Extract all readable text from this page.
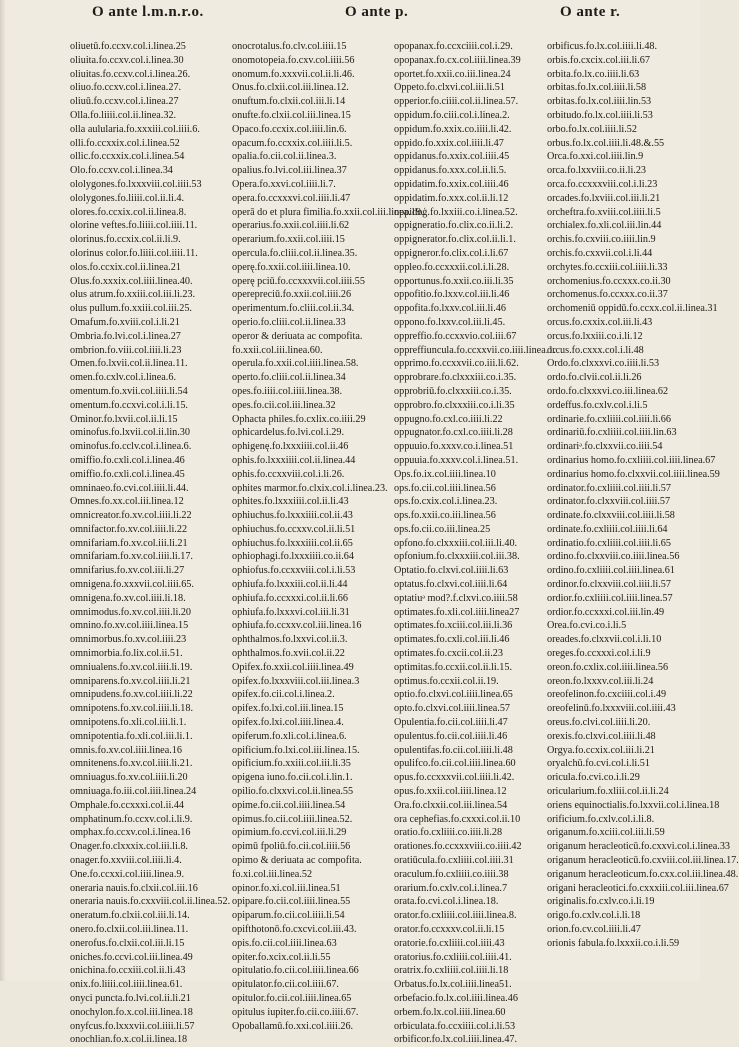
O ante l.m.n.r.o.	O ante p.	O ante r.
oliuetū.fo.ccxv.col.i.linea.25
oliuita.fo.ccxv.col.i.linea.30
oliuitas.fo.ccxv.col.i.linea.26.
oliuo.fo.ccxv.col.i.linea.27.
oliuū.fo.ccxv.col.i.linea.27
Olla.fo.liiii.col.ii.linea.32.
olla aulularia.fo.xxxiii.col.iiii.6.
olli.fo.ccxxix.col.i.linea.52
ollic.fo.ccxxix.col.i.linea.54
Olo.fo.ccxv.col.i.linea.34
ololygones.fo.lxxxviii.col.iiii.53
ololygones.fo.liiii.col.ii.li.4.
olores.fo.ccxix.col.ii.linea.8.
olorine veftes.fo.liiii.col.iiii.11.
olorinus.fo.ccxix.col.ii.li.9.
olorinus color.fo.liiii.col.iiii.11.
olos.fo.ccxix.col.ii.linea.21
Olus.fo.xxxix.col.iiii.linea.40.
olus atrum.fo.xxiii.col.iii.li.23.
olus pullum.fo.xxiii.col.iii.25.
Omafum.fo.xviii.col.i.li.21
Ombria.fo.lvi.col.i.linea.27
ombrion.fo.viii.col.iiii.li.23
Omen.fo.lxvii.col.ii.linea.11.
omen.fo.cxlv.col.i.linea.6.
omentum.fo.xvii.col.iiii.li.54
omentum.fo.ccxvi.col.i.li.15.
Ominor.fo.lxvii.col.ii.li.15
ominofus.fo.lxvii.col.ii.lin.30
ominofus.fo.cclv.col.i.linea.6.
omiffio.fo.cxli.col.i.linea.46
omiffio.fo.cxli.col.i.linea.45
omninaeo.fo.cvi.col.iiii.li.44.
Omnes.fo.xx.col.iii.linea.12
omnicreator.fo.xv.col.iiii.li.22
omnifactor.fo.xv.col.iiii.li.22
omnifariam.fo.xv.col.iii.li.21
omnifariam.fo.xv.col.iiii.li.17.
omnifarius.fo.xv.col.iii.li.27
omnigena.fo.xxxvii.col.iiii.65.
omnigena.fo.xv.col.iiii.li.18.
omnimodus.fo.xv.col.iiii.li.20
omnino.fo.xv.col.iiii.linea.15
omnimorbus.fo.xv.col.iiii.23
omnimorbia.fo.lix.col.ii.51.
omniualens.fo.xv.col.iiii.li.19.
omniparens.fo.xv.col.iiii.li.21
omnipudens.fo.xv.col.iiii.li.22
omnipotens.fo.xv.col.iiii.li.18.
omnipotens.fo.xli.col.iii.li.1.
omnipotentia.fo.xli.col.iii.li.1.
omnis.fo.xv.col.iiii.linea.16
omnitenens.fo.xv.col.iiii.li.21.
omniuagus.fo.xv.col.iiii.li.20
omniuaga.fo.iii.col.iiii.linea.24
Omphale.fo.ccxxxi.col.ii.44
omphatinum.fo.ccxv.col.i.li.9.
omphax.fo.ccxv.col.i.linea.16
Onager.fo.clxxxix.col.iii.li.8.
onager.fo.xxviii.col.iiii.li.4.
One.fo.ccxxi.col.iiii.linea.9.
oneraria nauis.fo.clxii.col.iii.16
oneraria nauis.fo.cxxviii.col.ii.linea.52.
oneratum.fo.clxii.col.iii.li.14.
onero.fo.clxii.col.iii.linea.11.
onerofus.fo.clxii.col.iii.li.15
oniches.fo.ccvi.col.iii.linea.49
onichina.fo.ccxiii.col.ii.li.43
onix.fo.liiii.col.iiii.linea.61.
onyci puncta.fo.lvi.col.ii.li.21
onochylon.fo.x.col.iii.linea.18
onyfcus.fo.lxxxvii.col.iiii.li.57
onochlian.fo.x.col.ii.linea.18
onocrotalus.fo.clv.col.iiii.15
onomotopeia.fo.cxv.col.iiii.56
onomum.fo.xxxvii.col.ii.li.46.
Onus.fo.clxii.col.iii.linea.12.
onuftum.fo.clxii.col.iii.li.14
onufte.fo.clxii.col.iii.linea.15
Opaco.fo.ccxix.col.iiii.lin.6.
opacum.fo.ccxxix.col.iiii.li.5.
opalia.fo.cii.col.ii.linea.3.
opalius.fo.lvi.col.iii.linea.37
Opera.fo.xxvi.col.iiii.li.7.
opera.fo.ccxxxvi.col.iiii.li.47
operā do et plura fimilia.fo.xxii.col.iii.linea.19.
operarius.fo.xxii.col.iiii.li.62
operarium.fo.xxii.col.iiii.15
opercula.fo.cliii.col.ii.linea.35.
operę.fo.xxii.col.iiii.linea.10.
operę pciū.fo.ccxxxvii.col.iiii.55
operepreciū.fo.xxii.col.iiii.26
operimentum.fo.cliii.col.ii.34.
operio.fo.cliii.col.ii.linea.33
operor & deriuata ac compofita.
fo.xxii.col.iii.linea.60.
operula.fo.xxii.col.iiii.linea.58.
operto.fo.cliii.col.ii.linea.34
opes.fo.iiii.col.iiii.linea.38.
opes.fo.cii.col.iii.linea.32
Ophacta philes.fo.cxlix.co.iiii.29
ophicardelus.fo.lvi.col.i.29.
ophigenę.fo.lxxxiiii.col.ii.46
ophis.fo.lxxxiiii.col.ii.linea.44
ophis.fo.ccxxviii.col.i.li.26.
ophites marmor.fo.clxix.col.i.linea.23.
ophites.fo.lxxxiiii.col.ii.li.43
ophiuchus.fo.lxxxiiii.col.ii.43
ophiuchus.fo.ccxxv.col.ii.li.51
ophiuchus.fo.lxxxiiii.col.ii.65
ophiophagi.fo.lxxxiiii.co.ii.64
ophiofus.fo.ccxxviii.col.i.li.53
ophiufa.fo.lxxxiii.col.ii.li.44
ophiufa.fo.ccxxxi.col.ii.li.66
ophiufa.fo.lxxxvi.col.iii.li.31
ophiufa.fo.ccxxv.col.iii.linea.16
ophthalmos.fo.lxxvi.col.ii.3.
ophthalmos.fo.xvii.col.ii.22
Opifex.fo.xxii.col.iiii.linea.49
opifex.fo.lxxxviii.col.iii.linea.3
opifex.fo.cii.col.i.linea.2.
opifex.fo.lxi.col.iii.linea.15
opifex.fo.lxi.col.iiii.linea.4.
opiferum.fo.xli.col.i.linea.6.
opificium.fo.lxi.col.iii.linea.15.
opificium.fo.xxiii.col.iii.li.35
opigena iuno.fo.cii.col.i.lin.1.
opilio.fo.clxxvi.col.ii.linea.55
opime.fo.cii.col.iiii.linea.54
opimus.fo.cii.col.iiii.linea.52.
opimium.fo.ccvi.col.iii.li.29
opimū fpoliū.fo.cii.col.iiii.56
opimo & deriuata ac compofita.
fo.xi.col.iii.linea.52
opinor.fo.xi.col.iii.linea.51
opipare.fo.cii.col.iiii.linea.55
opiparum.fo.cii.col.iiii.li.54
opifthotonō.fo.cxcvi.col.iii.43.
opis.fo.cii.col.iiii.linea.63
opiter.fo.xcix.col.ii.li.55
opitulatio.fo.cii.col.iiii.linea.66
opitulator.fo.cii.col.iiii.67.
opitulor.fo.cii.col.iiii.linea.65
opitulus iupiter.fo.cii.co.iiii.67.
Opoballamū.fo.xxi.col.iiii.26.
opopanax.fo.ccxciiii.col.i.29.
opopanax.fo.cx.col.iiii.linea.39
oportet.fo.xxii.co.iii.linea.24
Oppeto.fo.clxvi.col.iii.li.51
opperior.fo.ciiii.col.ii.linea.57.
oppidum.fo.ciii.col.i.linea.2.
oppidum.fo.xxix.co.iiii.li.42.
oppido.fo.xxix.col.iiii.li.47
oppidanus.fo.xxix.col.iiii.45
oppidanus.fo.xxx.col.ii.li.5.
oppidatim.fo.xxix.col.iiii.46
oppidatim.fo.xxx.col.ii.li.12
oppidoģ.fo.lxxiii.co.i.linea.52.
oppigneratio.fo.clix.co.ii.li.2.
oppignerator.fo.clix.col.ii.li.1.
oppigneror.fo.clix.col.i.li.67
oppleo.fo.ccxxxii.col.i.li.28.
opportunus.fo.xxii.co.iii.li.35
oppofitio.fo.lxxv.col.iii.li.46
oppofita.fo.lxxv.col.iii.li.46
oppono.fo.lxxv.col.iii.li.45.
oppreffio.fo.ccxxvio.col.iii.67
oppreffiuncula.fo.ccxxvii.co.iiii.linea.1.
opprimo.fo.ccxxvii.co.iii.li.62.
opprobrare.fo.clxxxiii.co.i.35.
opprobriū.fo.clxxxiii.co.i.35.
opprobro.fo.clxxxiii.co.i.li.35
oppugno.fo.cxl.co.iiii.li.22
oppugnator.fo.cxl.co.iiii.li.28
oppuuio.fo.xxxv.co.i.linea.51
oppuuia.fo.xxxv.col.i.linea.51.
Ops.fo.ix.col.iiii.linea.10
ops.fo.cii.col.iiii.linea.56
ops.fo.cxix.col.i.linea.23.
ops.fo.xxii.co.iii.linea.56
ops.fo.cii.co.iii.linea.25
opfono.fo.clxxxiii.col.iii.li.40.
opfonium.fo.clxxxiii.col.iii.38.
Optatio.fo.clxvi.col.iiii.li.63
optatus.fo.clxvi.col.iiii.li.64
optatiuᵊ mod?.f.clxvi.co.iiii.58
optimates.fo.xli.col.iiii.linea27
optimates.fo.xciii.col.iii.li.36
optimates.fo.cxli.col.iii.li.46
optimates.fo.cxcii.col.ii.23
optimitas.fo.ccxii.col.ii.li.15.
optimus.fo.ccxii.col.ii.19.
optio.fo.clxvi.col.iiii.linea.65
opto.fo.clxvi.col.iiii.linea.57
Opulentia.fo.cii.col.iiii.li.47
opulentus.fo.cii.col.iiii.li.46
opulentifas.fo.cii.col.iiii.li.48
opulifco.fo.cii.col.iiii.linea.60
opus.fo.ccxxxvii.col.iiii.li.42.
opus.fo.xxii.col.iiii.linea.12
Ora.fo.clxxii.col.iii.linea.54
ora cephefias.fo.cxxxi.col.ii.10
oratio.fo.cxliiii.co.iiii.li.28
orationes.fo.ccxxxviii.co.iiii.42
oratiūcula.fo.cxliiii.col.iiii.31
oraculum.fo.cxliiii.co.iiii.38
orarium.fo.cxlv.col.i.linea.7
orata.fo.cvi.col.i.linea.18.
orator.fo.cxliiii.col.iiii.linea.8.
orator.fo.ccxxxv.col.ii.li.15
oratorie.fo.cxliiii.col.iiii.43
oratorius.fo.cxliiii.col.iiii.41.
oratrix.fo.cxliiii.col.iiii.li.18
Orbatus.fo.lx.col.iiii.linea51.
orbefacio.fo.lx.col.iiii.linea.46
orbem.fo.lx.col.iiii.linea.60
orbiculata.fo.ccxiiii.col.i.li.53
orbificor.fo.lx.col.iiii.linea.47.
orbificus.fo.lx.col.iiii.li.48.
orbis.fo.cxcix.col.iii.li.67
orbita.fo.lx.co.iiii.li.63
orbitas.fo.lx.col.iiii.li.58
orbitas.fo.lx.col.iiii.lin.53
orbitudo.fo.lx.col.iiii.li.53
orbo.fo.lx.col.iiii.li.52
orbus.fo.lx.col.iiii.li.48.&.55
Orca.fo.xxi.col.iiii.lin.9
orca.fo.lxxviii.co.ii.li.23
orca.fo.ccxxxviii.col.i.li.23
orcades.fo.lxviii.col.iii.li.21
orcheftra.fo.xviii.col.iiii.li.5
orchialex.fo.xli.col.iii.lin.44
orchis.fo.cxviii.co.iiii.lin.9
orchis.fo.cxxvii.col.i.li.44
orchytes.fo.ccxiii.col.iiii.li.33
orchomenius.fo.ccxxx.co.ii.30
orchomenus.fo.ccxxx.co.ii.37
orchomeniū oppidū.fo.ccxx.col.ii.linea.31
orcus.fo.cxxix.col.iii.li.43
orcus.fo.lxxiii.co.i.li.12
orcus.fo.cxxx.col.i.li.48
Ordo.fo.clxxxvi.co.iiii.li.53
ordo.fo.clvii.col.ii.li.26
ordo.fo.clxxxvi.co.iii.linea.62
ordeffus.fo.cxlv.col.i.li.5
ordinarie.fo.cxliiii.col.iiii.li.66
ordinariū.fo.cxliiii.col.iiii.lin.63
ordinariᵊ.fo.clxxvii.co.iiii.54
ordinarius homo.fo.cxliiii.col.iiii.linea.67
ordinarius homo.fo.clxxvii.col.iiii.linea.59
ordinator.fo.cxliiii.col.iiii.li.57
ordinator.fo.clxxviii.col.iiii.57
ordinate.fo.clxxviii.col.iiii.li.58
ordinate.fo.cxliiii.col.iiii.li.64
ordinatio.fo.cxliiii.col.iiii.li.65
ordino.fo.clxxviii.co.iiii.linea.56
ordino.fo.cxliiii.col.iiii.linea.61
ordinor.fo.clxxviii.col.iiii.li.57
ordior.fo.cxliiii.col.iiii.linea.57
ordior.fo.ccxxxi.col.iii.lin.49
Orea.fo.cvi.co.i.li.5
oreades.fo.clxxvii.col.i.li.10
oreges.fo.ccxxxi.col.i.li.9
oreon.fo.cxlix.col.iiii.linea.56
oreon.fo.lxxxv.col.iii.li.24
oreofelinon.fo.cxciiii.col.i.49
oreofelinū.fo.lxxxviii.col.iiii.43
oreus.fo.clvi.col.iiii.li.20.
orexis.fo.clxvi.col.iiii.li.48
Orgya.fo.ccxix.col.iii.li.21
oryalchū.fo.cvi.col.i.li.51
oricula.fo.cvi.co.i.li.29
oricularium.fo.xliii.col.ii.li.24
oriens equinoctialis.fo.lxxvii.col.i.linea.18
orificium.fo.cxlv.col.i.li.8.
origanum.fo.xciii.col.iii.li.59
origanum heracleoticū.fo.cxxvi.col.i.linea.33
origanum heracleoticū.fo.cxviii.col.iii.linea.17.
origanum heracleoticum.fo.cxx.col.iii.linea.48.
origani heracleotici.fo.cxxxiii.col.iii.linea.67
originalis.fo.cxlv.co.i.li.19
origo.fo.cxlv.col.i.li.18
orion.fo.cv.col.iiii.li.47
orionis fabula.fo.lxxxii.co.i.li.59
